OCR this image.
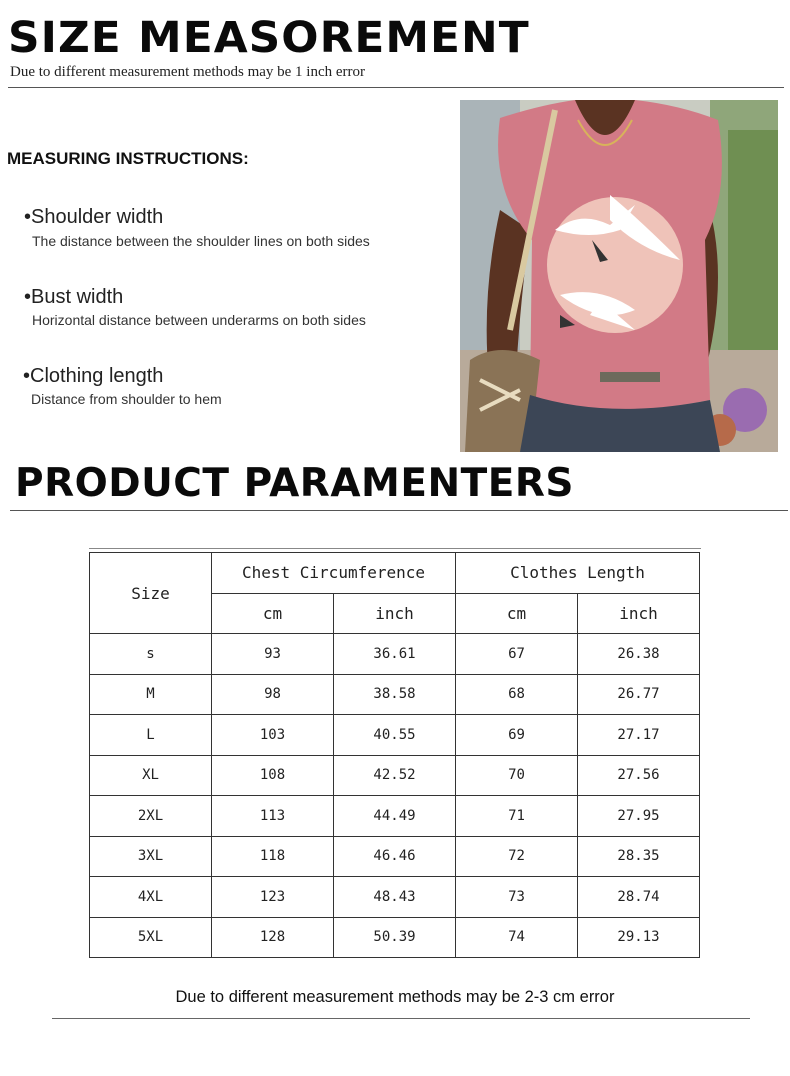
SIZE MEASOREMENT
Due to different measurement methods may be 1 inch error
MEASURING INSTRUCTIONS:
•Shoulder width
The distance between the shoulder lines on both sides
•Bust width
Horizontal distance between underarms on both sides
•Clothing length
Distance from shoulder to hem
PRODUCT PARAMENTERS
Size	Chest Circumference		Clothes Length	
	cm	inch	cm	inch
s	93	36.61	67	26.38
M	98	38.58	68	26.77
L	103	40.55	69	27.17
XL	108	42.52	70	27.56
2XL	113	44.49	71	27.95
3XL	118	46.46	72	28.35
4XL	123	48.43	73	28.74
5XL	128	50.39	74	29.13
Due to different measurement methods may be 2-3 cm error
